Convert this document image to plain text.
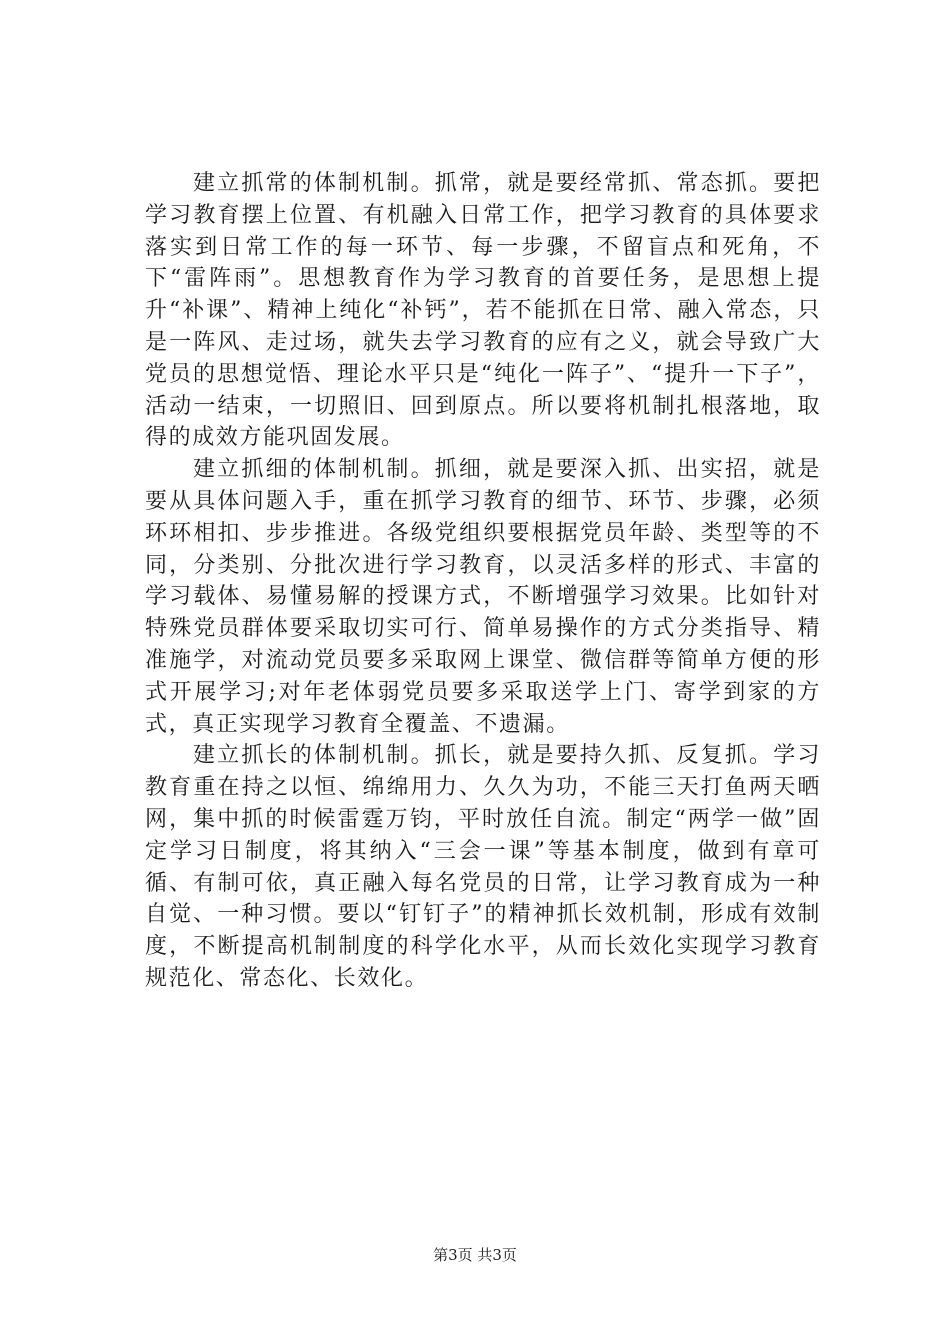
建立抓常的体制机制。抓常，就是要经常抓、常态抓。要把学习教育摆上位置、有机融入日常工作，把学习教育的具体要求落实到日常工作的每一环节、每一步骤，不留盲点和死角，不下“雷阵雨”。思想教育作为学习教育的首要任务，是思想上提升“补课”、精神上纯化“补钙”，若不能抓在日常、融入常态，只是一阵风、走过场，就失去学习教育的应有之义，就会导致广大党员的思想觉悟、理论水平只是“纯化一阵子”、“提升一下子”，活动一结束，一切照旧、回到原点。所以要将机制扎根落地，取得的成效方能巩固发展。

建立抓细的体制机制。抓细，就是要深入抓、出实招，就是要从具体问题入手，重在抓学习教育的细节、环节、步骤，必须环环相扣、步步推进。各级党组织要根据党员年龄、类型等的不同，分类别、分批次进行学习教育，以灵活多样的形式、丰富的学习载体、易懂易解的授课方式，不断增强学习效果。比如针对特殊党员群体要采取切实可行、简单易操作的方式分类指导、精准施学，对流动党员要多采取网上课堂、微信群等简单方便的形式开展学习;对年老体弱党员要多采取送学上门、寄学到家的方式，真正实现学习教育全覆盖、不遗漏。

建立抓长的体制机制。抓长，就是要持久抓、反复抓。学习教育重在持之以恒、绵绵用力、久久为功，不能三天打鱼两天晒网，集中抓的时候雷霆万钧，平时放任自流。制定“两学一做”固定学习日制度，将其纳入“三会一课”等基本制度，做到有章可循、有制可依，真正融入每名党员的日常，让学习教育成为一种自觉、一种习惯。要以“钉钉子”的精神抓长效机制，形成有效制度，不断提高机制制度的科学化水平，从而长效化实现学习教育规范化、常态化、长效化。

第3页 共3页
